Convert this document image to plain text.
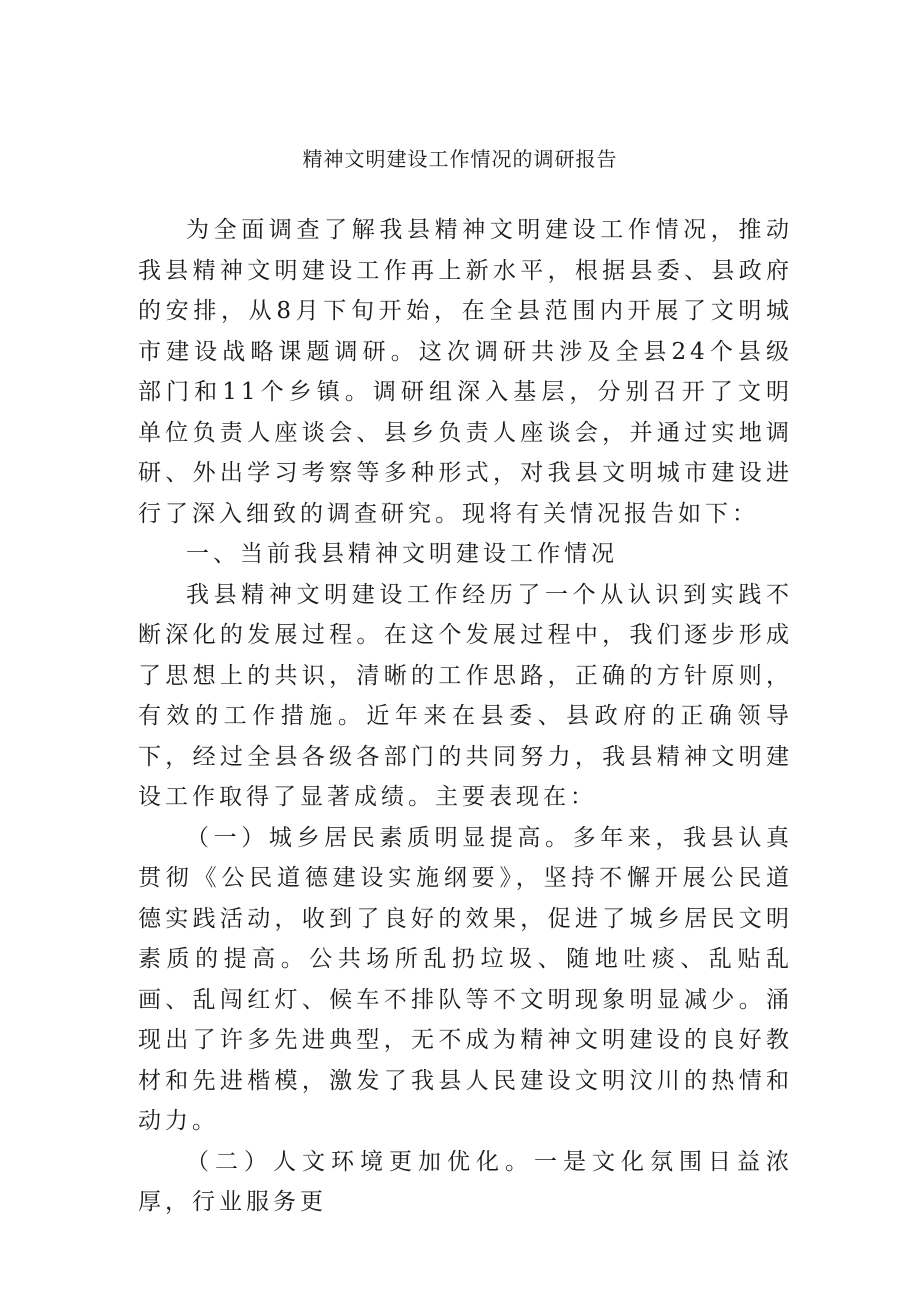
精神文明建设工作情况的调研报告

为全面调查了解我县精神文明建设工作情况，推动我县精神文明建设工作再上新水平，根据县委、县政府的安排，从8月下旬开始，在全县范围内开展了文明城市建设战略课题调研。这次调研共涉及全县24个县级部门和11个乡镇。调研组深入基层，分别召开了文明单位负责人座谈会、县乡负责人座谈会，并通过实地调研、外出学习考察等多种形式，对我县文明城市建设进行了深入细致的调查研究。现将有关情况报告如下：

一、当前我县精神文明建设工作情况

我县精神文明建设工作经历了一个从认识到实践不断深化的发展过程。在这个发展过程中，我们逐步形成了思想上的共识，清晰的工作思路，正确的方针原则，有效的工作措施。近年来在县委、县政府的正确领导下，经过全县各级各部门的共同努力，我县精神文明建设工作取得了显著成绩。主要表现在：

（一）城乡居民素质明显提高。多年来，我县认真贯彻《公民道德建设实施纲要》，坚持不懈开展公民道德实践活动，收到了良好的效果，促进了城乡居民文明素质的提高。公共场所乱扔垃圾、随地吐痰、乱贴乱画、乱闯红灯、候车不排队等不文明现象明显减少。涌现出了许多先进典型，无不成为精神文明建设的良好教材和先进楷模，激发了我县人民建设文明汶川的热情和动力。

（二）人文环境更加优化。一是文化氛围日益浓厚，行业服务更
